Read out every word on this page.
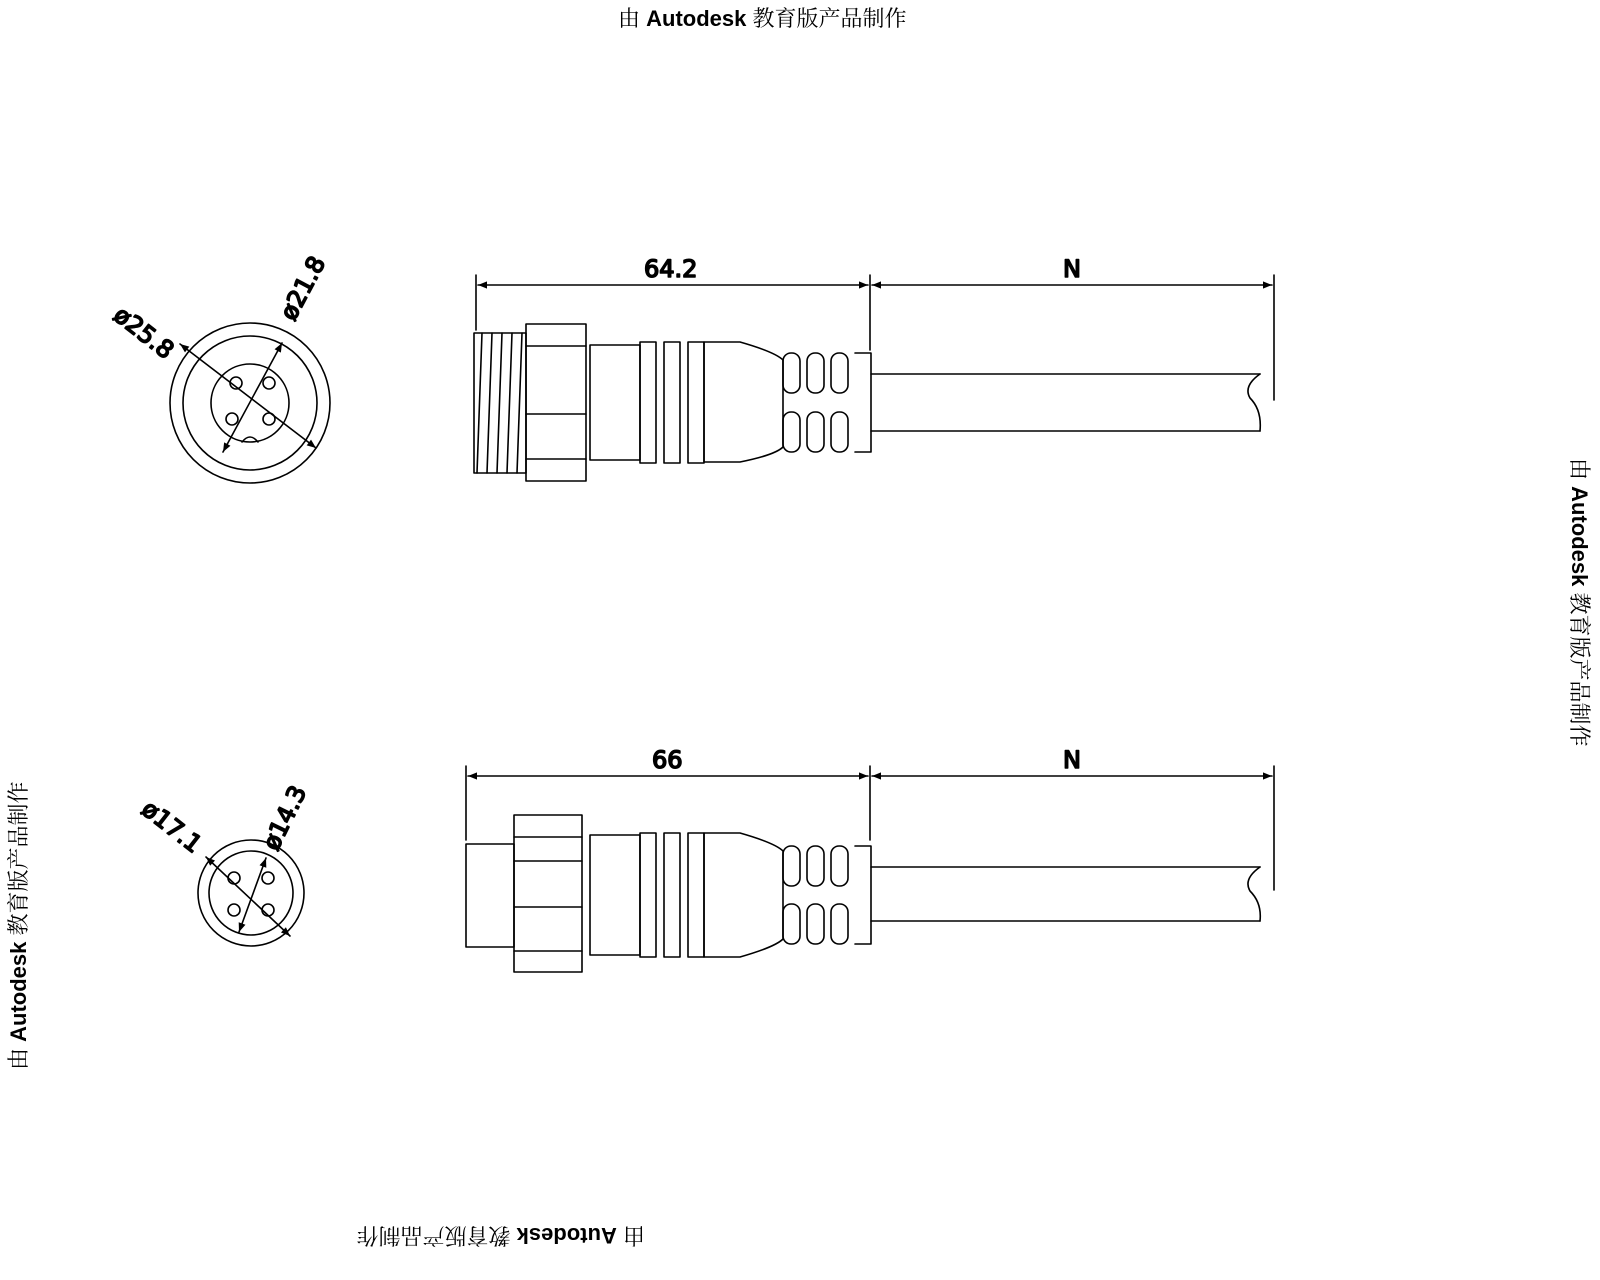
由 Autodesk 教育版产品制作
由 Autodesk 教育版产品制作
由 Autodesk 教育版产品制作
由 Autodesk 教育版产品制作
ø25.8
ø21.8	64.2	N
ø17.1 ø14.3
66	N
